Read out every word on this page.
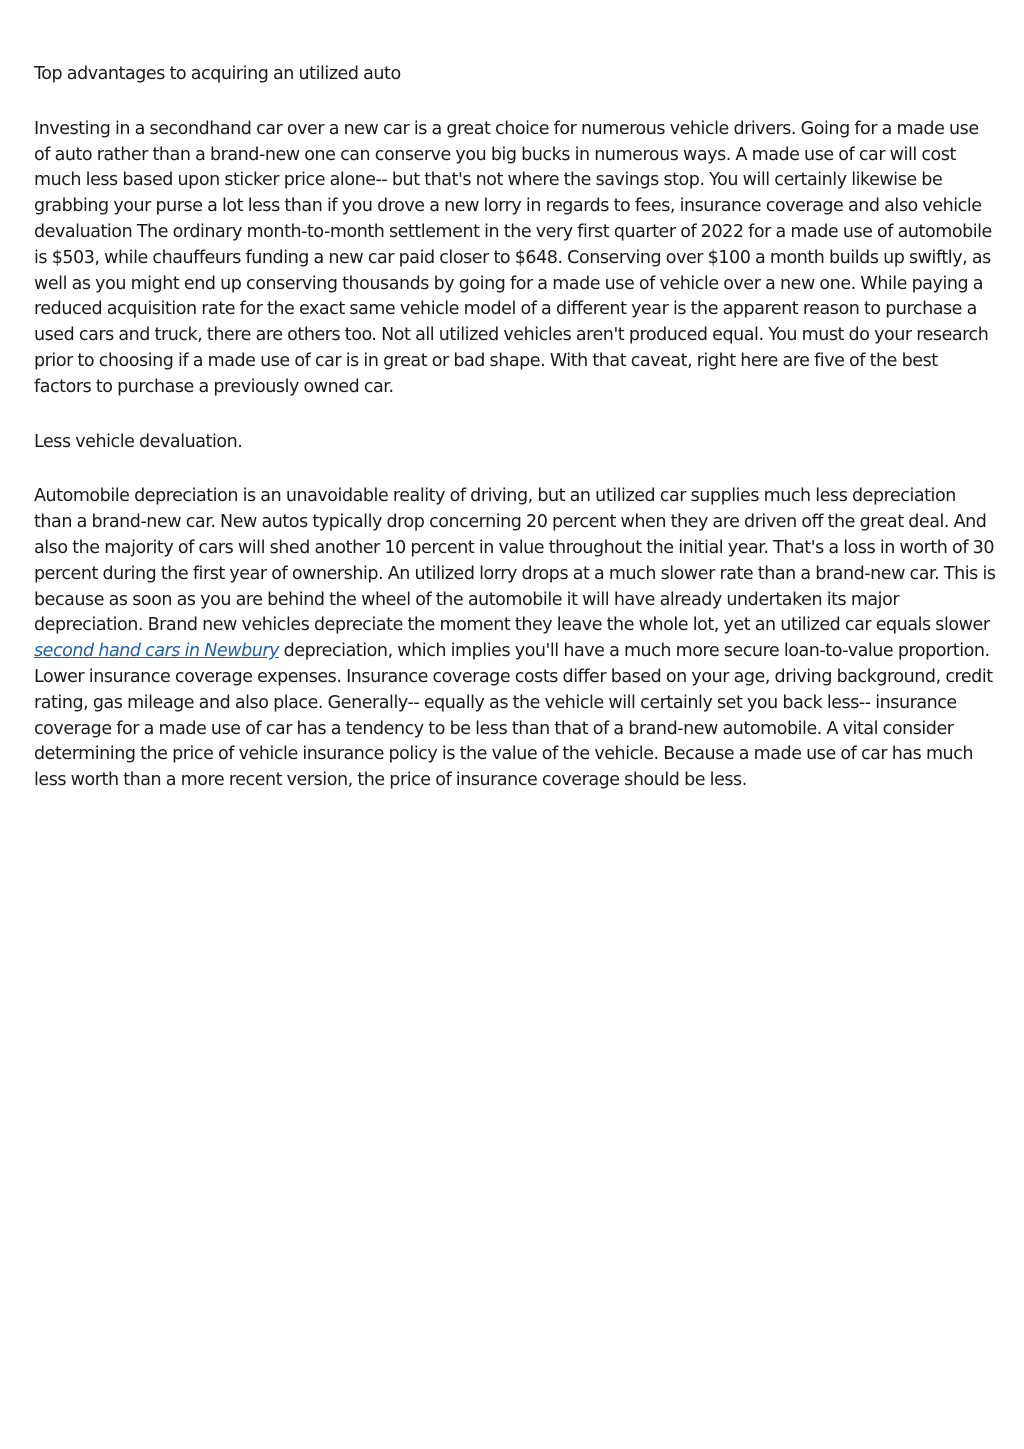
Top advantages to acquiring an utilized auto

Investing in a secondhand car over a new car is a great choice for numerous vehicle drivers. Going for a made use of auto rather than a brand-new one can conserve you big bucks in numerous ways. A made use of car will cost much less based upon sticker price alone-- but that's not where the savings stop. You will certainly likewise be grabbing your purse a lot less than if you drove a new lorry in regards to fees, insurance coverage and also vehicle devaluation The ordinary month-to-month settlement in the very first quarter of 2022 for a made use of automobile is $503, while chauffeurs funding a new car paid closer to $648. Conserving over $100 a month builds up swiftly, as well as you might end up conserving thousands by going for a made use of vehicle over a new one. While paying a reduced acquisition rate for the exact same vehicle model of a different year is the apparent reason to purchase a used cars and truck, there are others too. Not all utilized vehicles aren't produced equal. You must do your research prior to choosing if a made use of car is in great or bad shape. With that caveat, right here are five of the best factors to purchase a previously owned car.

Less vehicle devaluation.

Automobile depreciation is an unavoidable reality of driving, but an utilized car supplies much less depreciation than a brand-new car. New autos typically drop concerning 20 percent when they are driven off the great deal. And also the majority of cars will shed another 10 percent in value throughout the initial year. That's a loss in worth of 30 percent during the first year of ownership. An utilized lorry drops at a much slower rate than a brand-new car. This is because as soon as you are behind the wheel of the automobile it will have already undertaken its major depreciation. Brand new vehicles depreciate the moment they leave the whole lot, yet an utilized car equals slower second hand cars in Newbury depreciation, which implies you'll have a much more secure loan-to-value proportion. Lower insurance coverage expenses. Insurance coverage costs differ based on your age, driving background, credit rating, gas mileage and also place. Generally-- equally as the vehicle will certainly set you back less-- insurance coverage for a made use of car has a tendency to be less than that of a brand-new automobile. A vital consider determining the price of vehicle insurance policy is the value of the vehicle. Because a made use of car has much less worth than a more recent version, the price of insurance coverage should be less.
